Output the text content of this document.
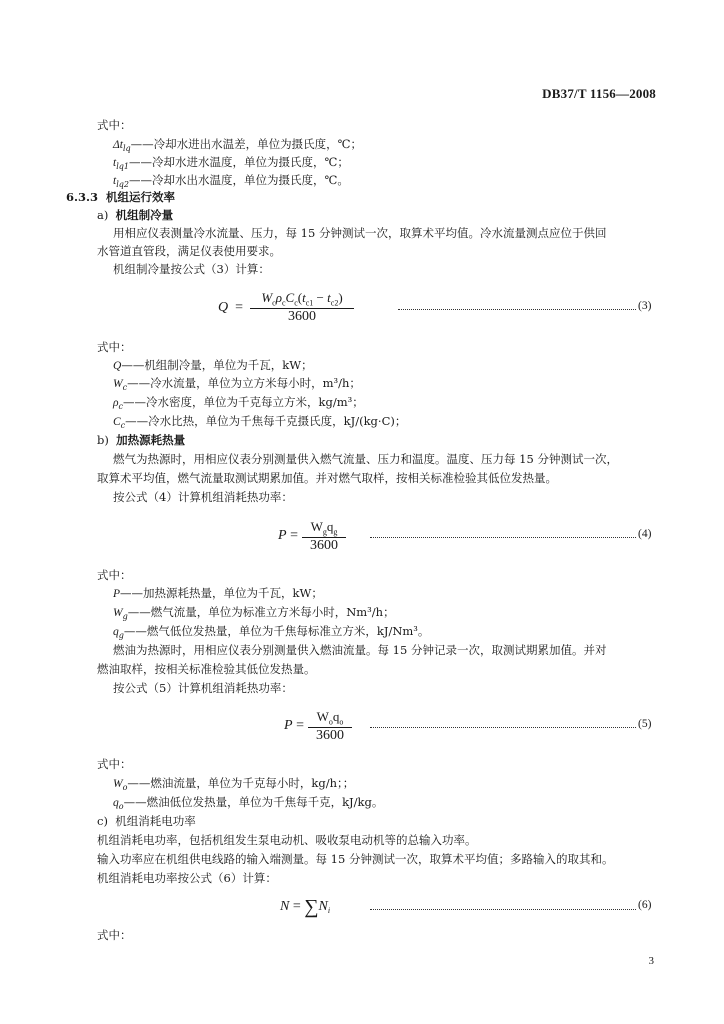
DB37/T 1156—2008
式中：
$\Delta t_{lq}——$冷却水进出水温差，单位为摄氏度，℃；
$t_{lq1}——$冷却水进水温度，单位为摄氏度，℃；
$t_{lq2}——$冷却水出水温度，单位为摄氏度，℃。
6.3.3 机组运行效率
a) 机组制冷量
用相应仪表测量冷水流量、压力，每 15 分钟测试一次，取算术平均值。冷水流量测点应位于供回
水管道直管段，满足仪表使用要求。
机组制冷量按公式（3）计算：
Q =
$W_c\rho_cC_c(t_{c1} - t_{c2})$
3600
(3)
式中：
Q——机组制冷量，单位为千瓦，kW；
$W_c——$冷水流量，单位为立方米每小时，m³/h；
$\rho_c——$冷水密度，单位为千克每立方米，kg/m³；
$C_c——$冷水比热，单位为千焦每千克摄氏度，kJ/(kg·C)；
b) 加热源耗热量
燃气为热源时，用相应仪表分别测量供入燃气流量、压力和温度。温度、压力每 15 分钟测试一次，
取算术平均值，燃气流量取测试期累加值。并对燃气取样，按相关标准检验其低位发热量。
按公式（4）计算机组消耗热功率：
P =
$W_gq_g$
3600
(4)
式中：
P——加热源耗热量，单位为千瓦，kW；
$W_g——$燃气流量，单位为标准立方米每小时，Nm³/h；
$q_g——$燃气低位发热量，单位为千焦每标准立方米，kJ/Nm³。
燃油为热源时，用相应仪表分别测量供入燃油流量。每 15 分钟记录一次，取测试期累加值。并对
燃油取样，按相关标准检验其低位发热量。
按公式（5）计算机组消耗热功率：
P =
$W_oq_o$
3600
(5)
式中：
$W_o——$燃油流量，单位为千克每小时，kg/h；；
$q_o——$燃油低位发热量，单位为千焦每千克，kJ/kg。
c) 机组消耗电功率
机组消耗电功率，包括机组发生泵电动机、吸收泵电动机等的总输入功率。
输入功率应在机组供电线路的输入端测量。每 15 分钟测试一次，取算术平均值；多路输入的取其和。
机组消耗电功率按公式（6）计算：
$N = \sum N_i$	(6)
式中：
3
